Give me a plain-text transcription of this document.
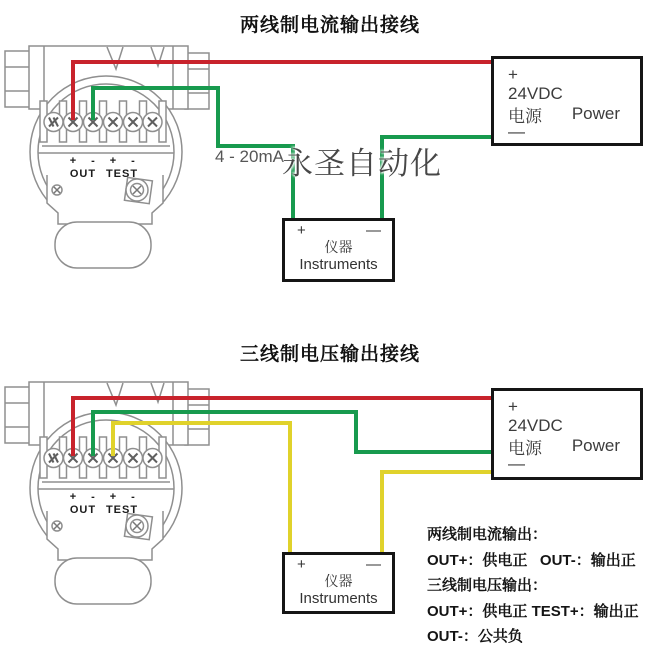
+ - + -
OUT TEST
+ - + -
OUT TEST
两线制电流输出接线
三线制电压输出接线
4 - 20mA
永圣自动化
+
24VDC
电源 Power
—
+
24VDC
电源 Power
—
+	—
仪器
Instruments
+	—
仪器
Instruments
两线制电流输出：
OUT+：供电正   OUT-：输出正
三线制电压输出：
OUT+：供电正 TEST+：输出正
OUT-：公共负
